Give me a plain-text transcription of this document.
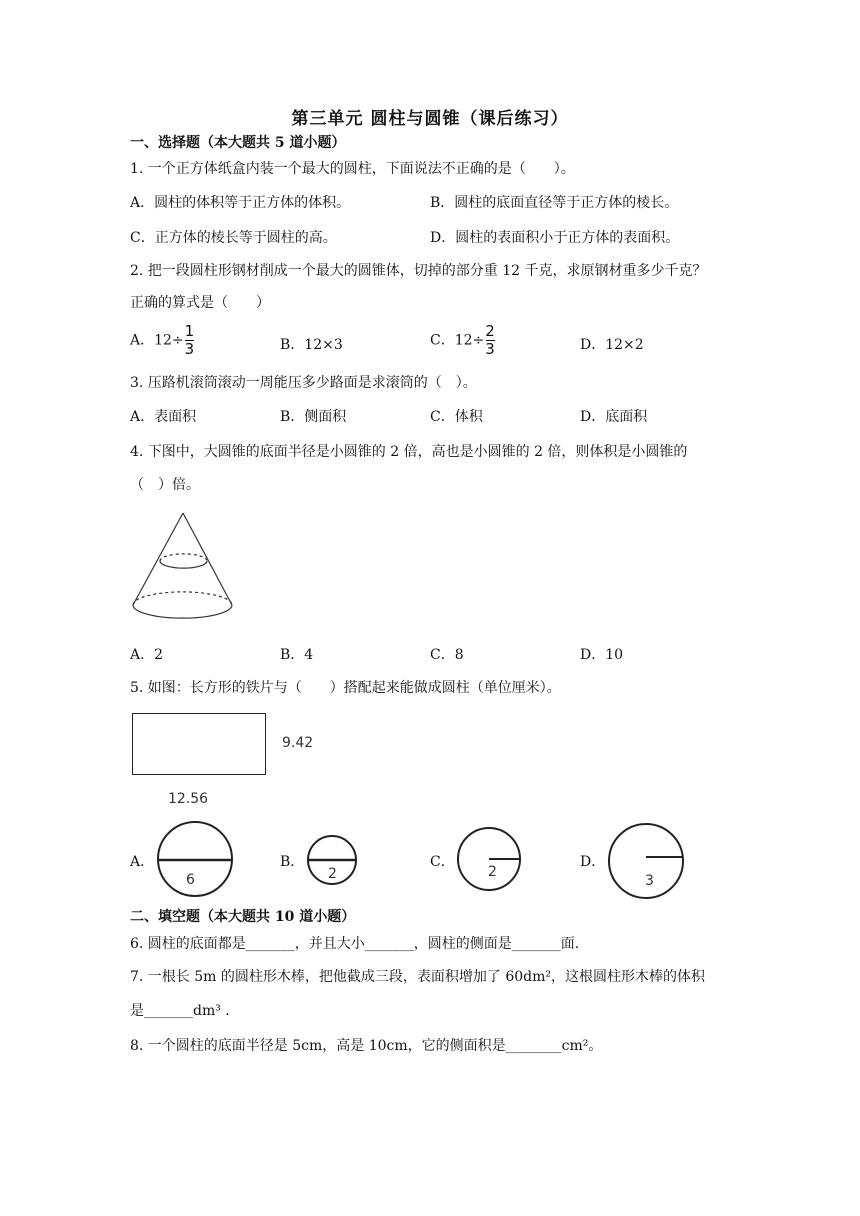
第三单元 圆柱与圆锥（课后练习）
一、选择题（本大题共 5 道小题）
1. 一个正方体纸盒内装一个最大的圆柱，下面说法不正确的是（　　）。
A．圆柱的体积等于正方体的体积。	B．圆柱的底面直径等于正方体的棱长。
C．正方体的棱长等于圆柱的高。	D．圆柱的表面积小于正方体的表面积。
2. 把一段圆柱形钢材削成一个最大的圆锥体，切掉的部分重 12 千克，求原钢材重多少千克？
正确的算式是（　　）
A．$12\div \frac{1}{3}$	B．12×3	C．$12\div \frac{2}{3}$	D．12×2
3. 压路机滚筒滚动一周能压多少路面是求滚筒的（　）。
A．表面积	B．侧面积	C．体积	D．底面积
4. 下图中，大圆锥的底面半径是小圆锥的 2 倍，高也是小圆锥的 2 倍，则体积是小圆锥的
（　）倍。
A．2	B．4	C．8	D．10
5. 如图：长方形的铁片与（　　）搭配起来能做成圆柱（单位厘米）。
9.42
12.56
A．
6
B．
2
C．
2
D．
3
二、填空题（本大题共 10 道小题）
6. 圆柱的底面都是_______，并且大小_______，圆柱的侧面是_______面.
7. 一根长 5m 的圆柱形木棒，把他截成三段，表面积增加了 60dm²，这根圆柱形木棒的体积
是_______dm³ .
8. 一个圆柱的底面半径是 5cm，高是 10cm，它的侧面积是________cm²。
